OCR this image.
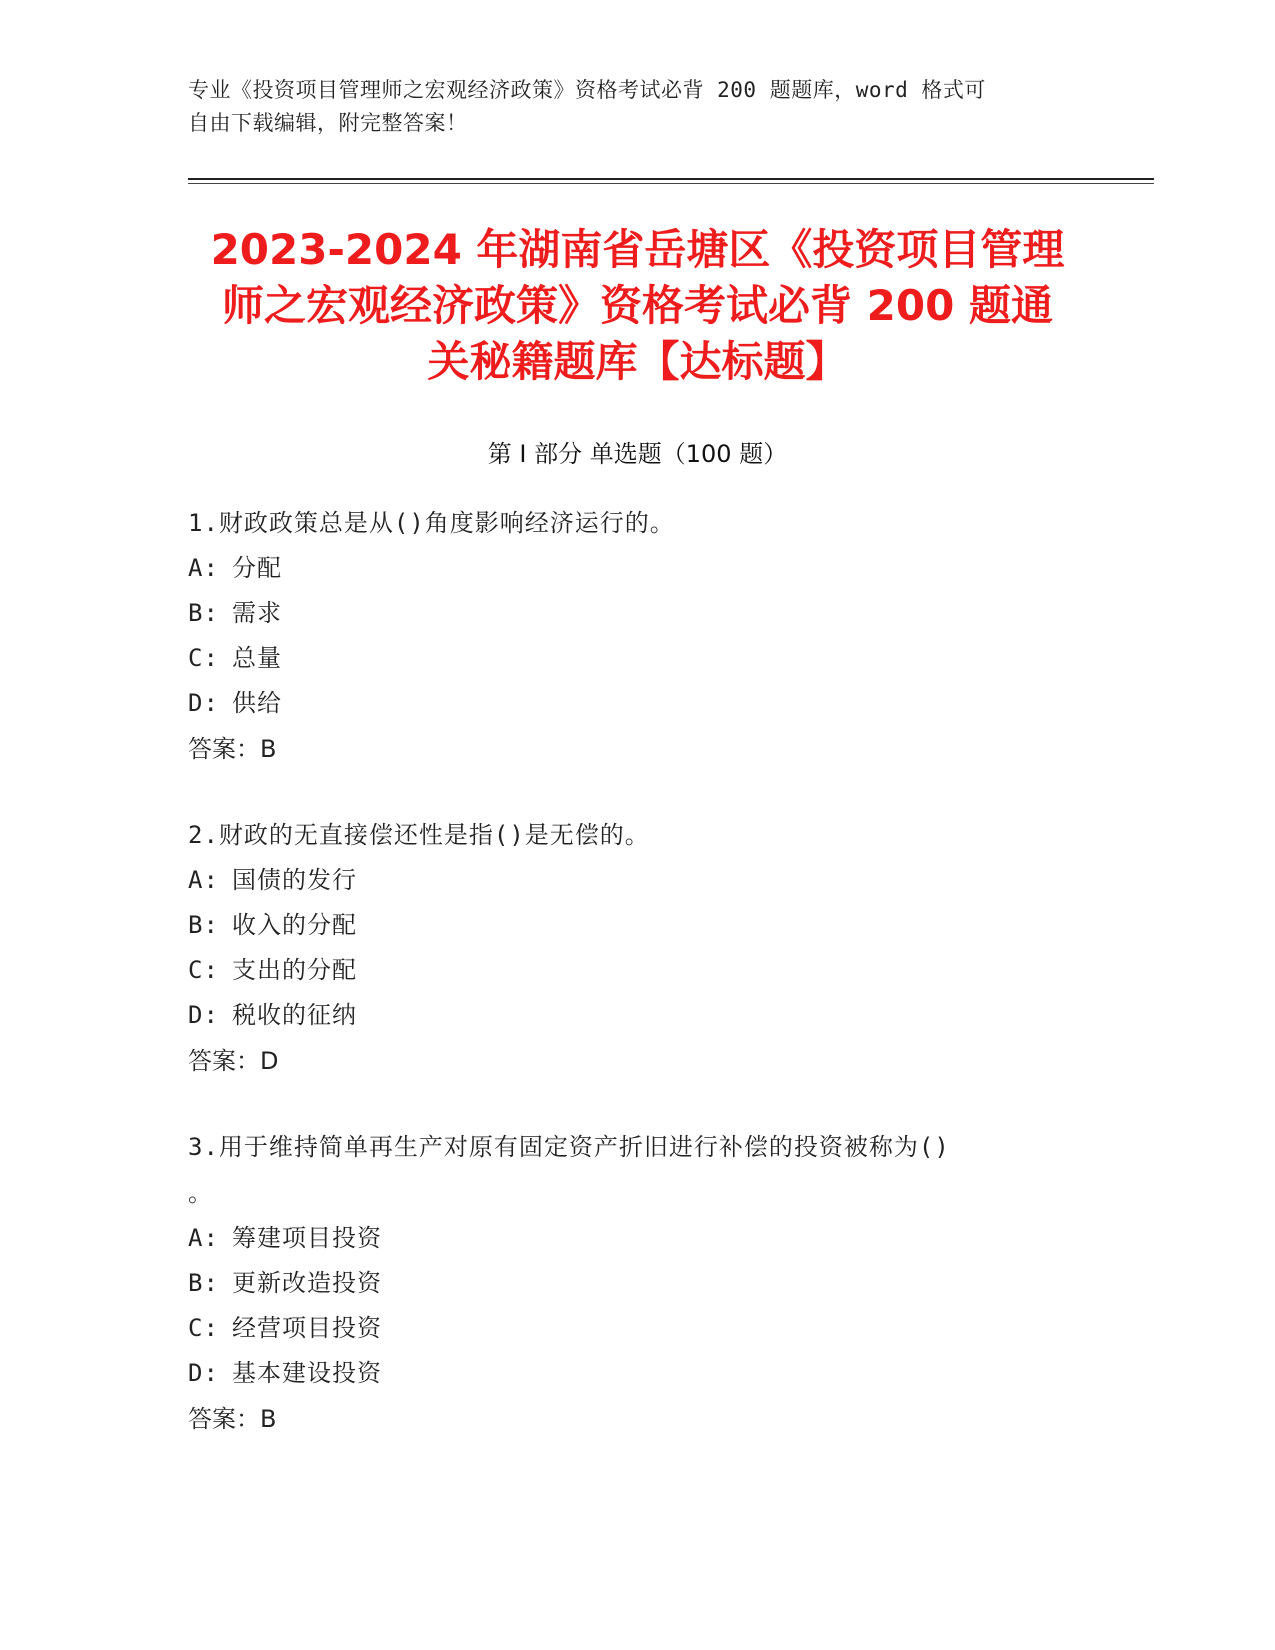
专业《投资项目管理师之宏观经济政策》资格考试必背 200 题题库，word 格式可
自由下载编辑，附完整答案！
2023-2024 年湖南省岳塘区《投资项目管理
师之宏观经济政策》资格考试必背 200 题通
关秘籍题库【达标题】
第 I 部分 单选题（100 题）
1.财政政策总是从()角度影响经济运行的。
A: 分配
B: 需求
C: 总量
D: 供给
答案：B
2.财政的无直接偿还性是指()是无偿的。
A: 国债的发行
B: 收入的分配
C: 支出的分配
D: 税收的征纳
答案：D
3.用于维持简单再生产对原有固定资产折旧进行补偿的投资被称为()
。
A: 筹建项目投资
B: 更新改造投资
C: 经营项目投资
D: 基本建设投资
答案：B
